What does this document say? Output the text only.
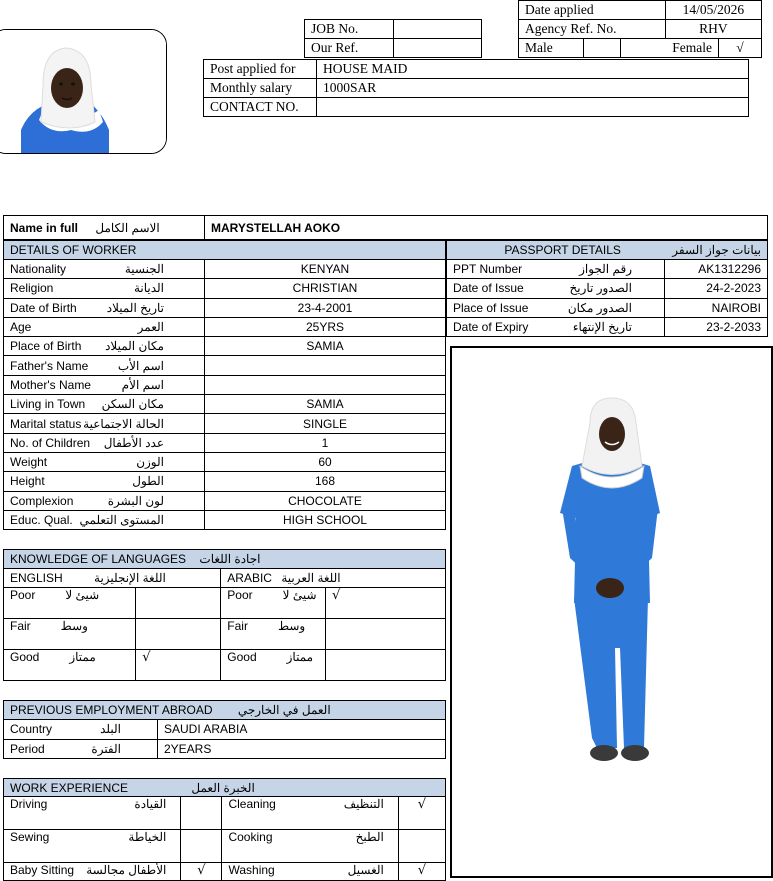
JOB No.	
Our Ref.	
Date applied			14/05/2026	
Agency Ref. No.			RHV	
Male		Female		√
Post applied for	HOUSE MAID
Monthly salary	1000SAR
CONTACT NO.	
Name in full الاسم الكامل	MARYSTELLAH AOKO
DETAILS OF WORKER	
Nationality الجنسية	KENYAN
Religion الديانة	CHRISTIAN
Date of Birth تاريخ الميلاد	23-4-2001
Age العمر	25YRS
Place of Birth مكان الميلاد	SAMIA
Father's Name اسم الأب	

Mother's Name اسم الأم	

Living in Town مكان السكن	SAMIA
Marital status الحالة الاجتماعية	SINGLE
No. of Children عدد الأطفال	1
Weight الوزن	60
Height الطول	168
Complexion لون البشرة	CHOCOLATE
Educ. Qual. المستوى التعلمي	HIGH SCHOOL
PASSPORT DETAILS بيانات جواز السفر	

PPT Number رقم الجواز	AK1312296
Date of Issue الصدور تاريخ	24-2-2023
Place of Issue الصدور مكان	NAIROBI
Date of Expiry تاريخ الإنتهاء	23-2-2033
KNOWLEDGE OF LANGUAGES اجادة اللغات			
ENGLISH اللغة الإنجليزية		ARABIC اللغة العربية	
Poor شيئ لا		Poor شيئ لا	√
Fair وسط		Fair وسط	
Good ممتاز	√	Good ممتاز	
PREVIOUS EMPLOYMENT ABROAD العمل في الخارجي	
Country البلد	SAUDI ARABIA
Period الفترة	2YEARS
WORK EXPERIENCE الخبرة العمل			
Driving القيادة		Cleaning التنظيف	√
Sewing الخياطة		Cooking الطبخ	

Baby Sitting الأطفال مجالسة	√	Washing الغسيل	√
